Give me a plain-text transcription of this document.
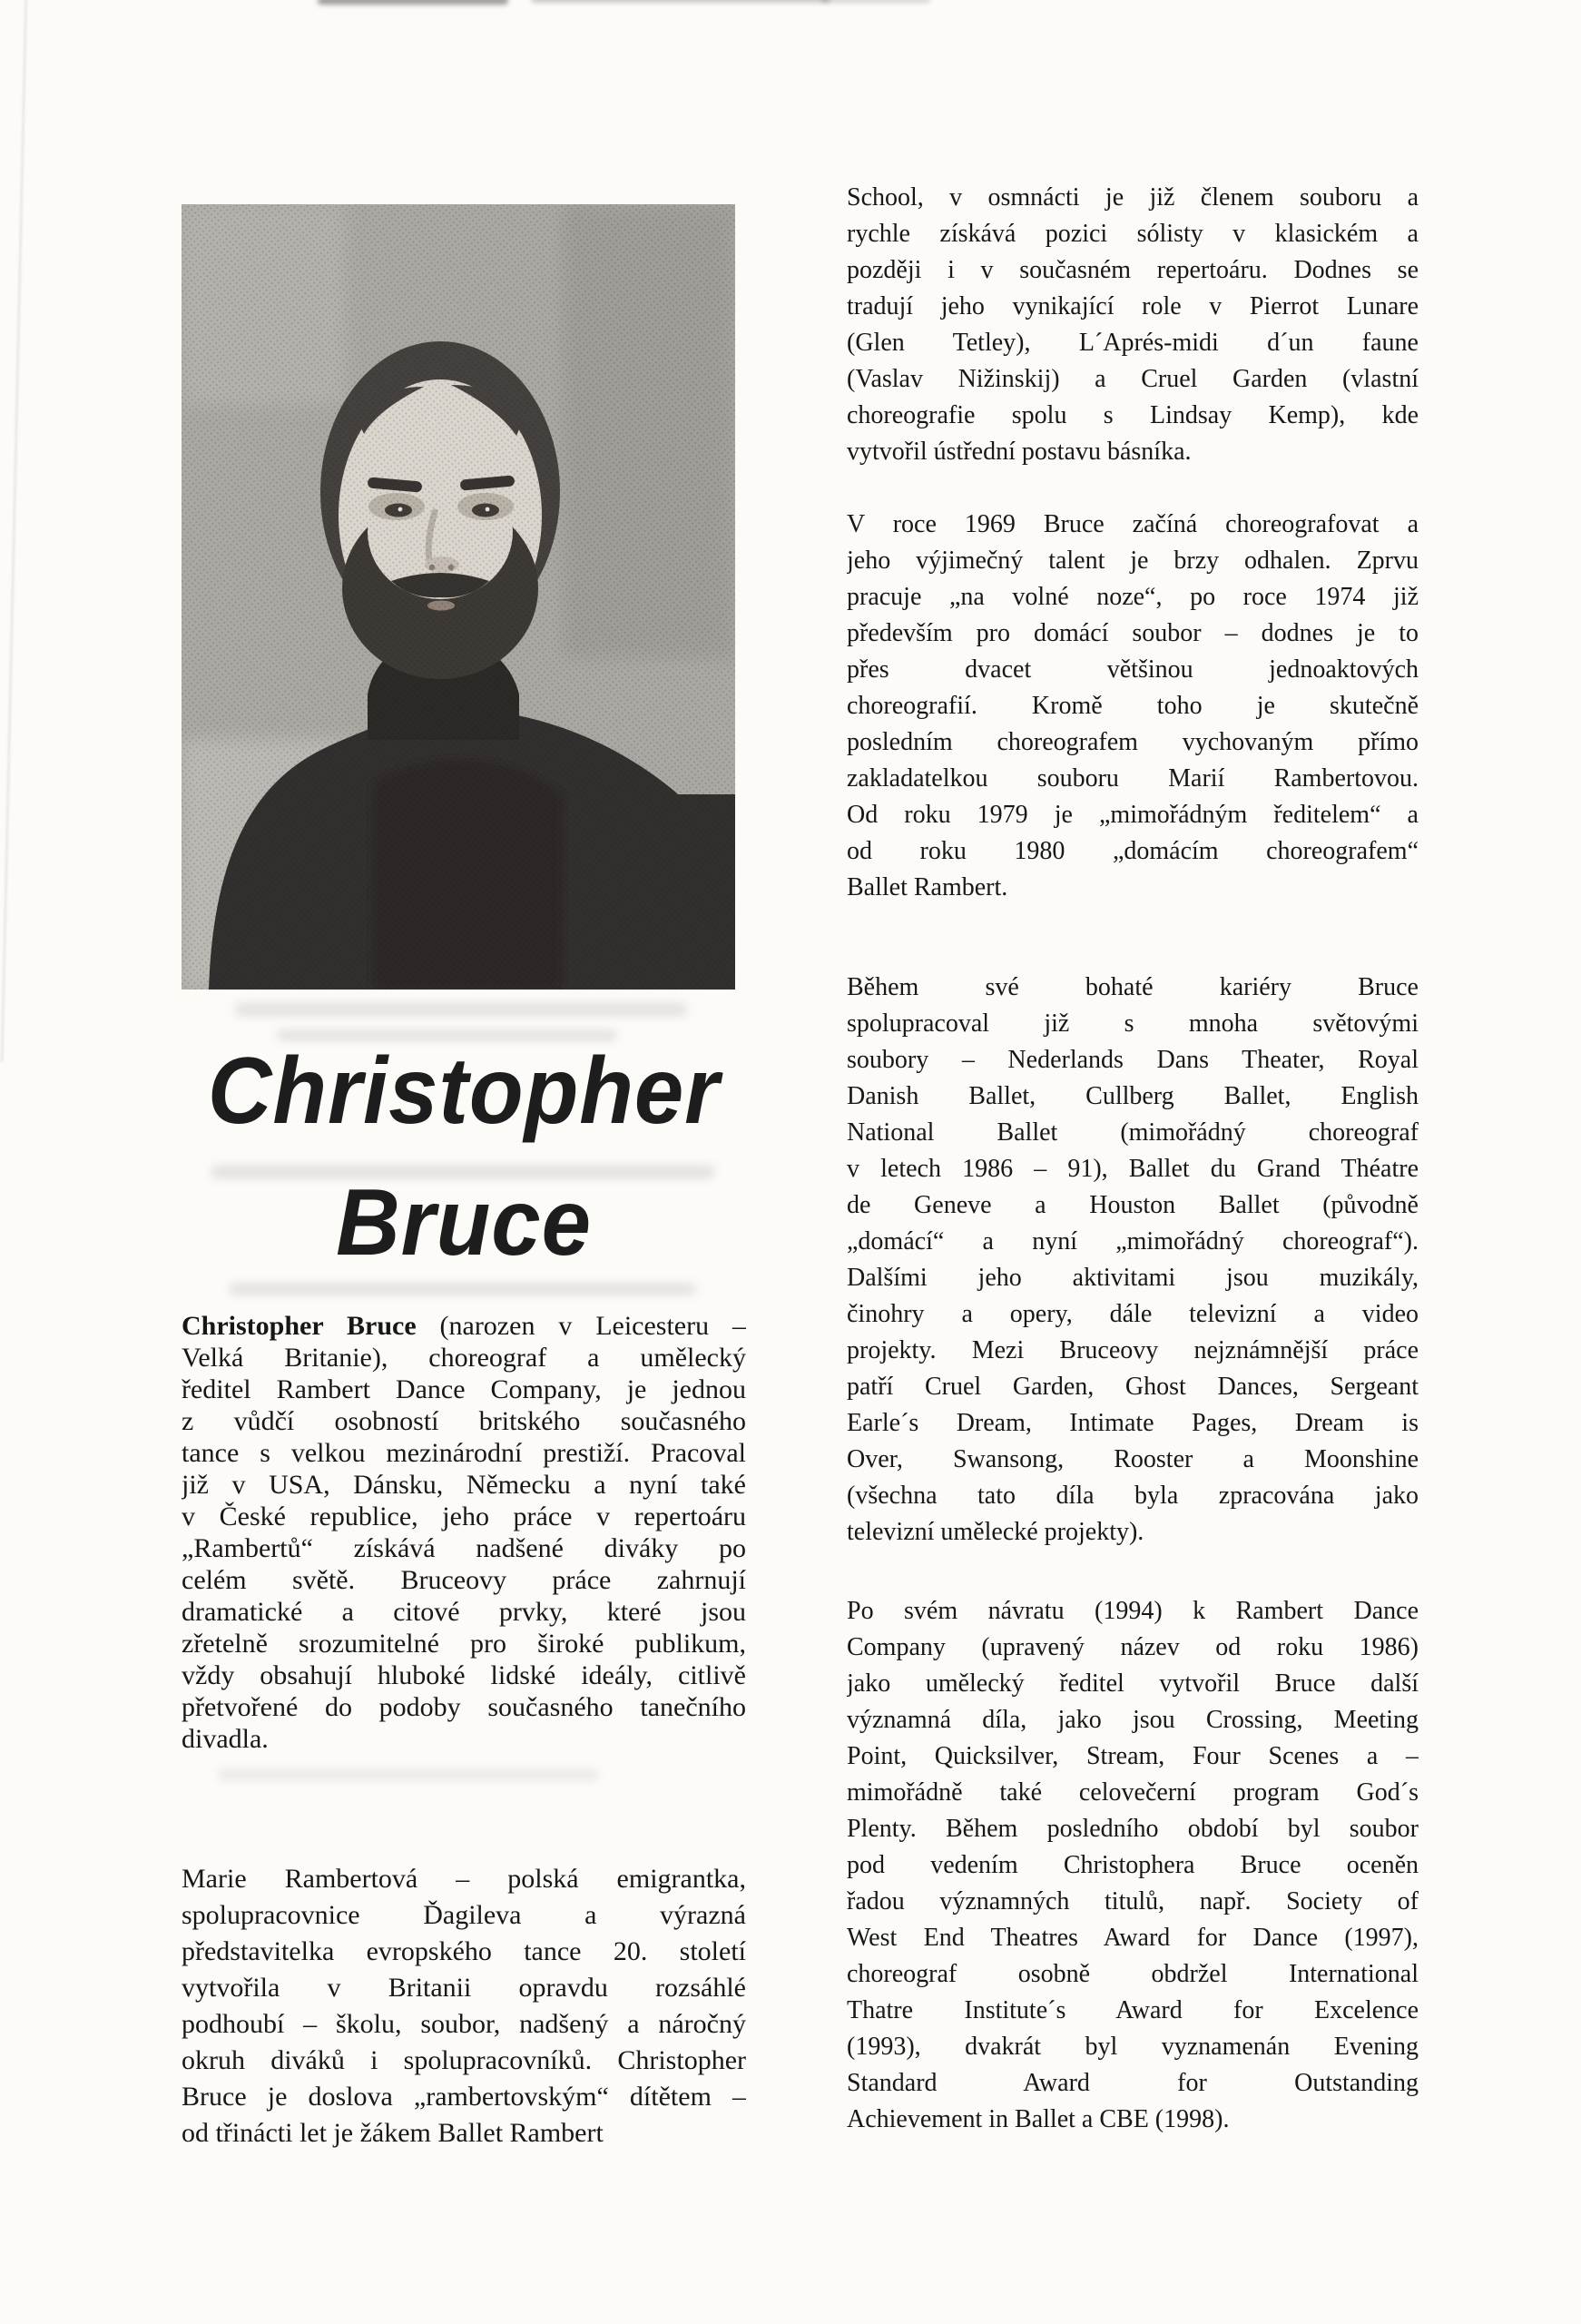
Christopher
Bruce
Christopher Bruce (narozen v Leicesteru –
Velká Britanie), choreograf a umělecký
ředitel Rambert Dance Company, je jednou
z vůdčí osobností britského současného
tance s velkou mezinárodní prestiží. Pracoval
již v USA, Dánsku, Německu a nyní také
v České republice, jeho práce v repertoáru
„Rambertů“ získává nadšené diváky po
celém světě. Bruceovy práce zahrnují
dramatické a citové prvky, které jsou
zřetelně srozumitelné pro široké publikum,
vždy obsahují hluboké lidské ideály, citlivě
přetvořené do podoby současného tanečního
divadla.
Marie Rambertová – polská emigrantka,
spolupracovnice Ďagileva a výrazná
představitelka evropského tance 20. století
vytvořila v Britanii opravdu rozsáhlé
podhoubí – školu, soubor, nadšený a náročný
okruh diváků i spolupracovníků. Christopher
Bruce je doslova „rambertovským“ dítětem –
od třinácti let je žákem Ballet Rambert
School, v osmnácti je již členem souboru a
rychle získává pozici sólisty v klasickém a
později i v současném repertoáru. Dodnes se
tradují jeho vynikající role v Pierrot Lunare
(Glen Tetley), L´Aprés-midi d´un faune
(Vaslav Nižinskij) a Cruel Garden (vlastní
choreografie spolu s Lindsay Kemp), kde
vytvořil ústřední postavu básníka.
V roce 1969 Bruce začíná choreografovat a
jeho výjimečný talent je brzy odhalen. Zprvu
pracuje „na volné noze“, po roce 1974 již
především pro domácí soubor – dodnes je to
přes dvacet většinou jednoaktových
choreografií. Kromě toho je skutečně
posledním choreografem vychovaným přímo
zakladatelkou souboru Marií Rambertovou.
Od roku 1979 je „mimořádným ředitelem“ a
od roku 1980 „domácím choreografem“
Ballet Rambert.
Během své bohaté kariéry Bruce
spolupracoval již s mnoha světovými
soubory – Nederlands Dans Theater, Royal
Danish Ballet, Cullberg Ballet, English
National Ballet (mimořádný choreograf
v letech 1986 – 91), Ballet du Grand Théatre
de Geneve a Houston Ballet (původně
„domácí“ a nyní „mimořádný choreograf“).
Dalšími jeho aktivitami jsou muzikály,
činohry a opery, dále televizní a video
projekty. Mezi Bruceovy nejznámnější práce
patří Cruel Garden, Ghost Dances, Sergeant
Earle´s Dream, Intimate Pages, Dream is
Over, Swansong, Rooster a Moonshine
(všechna tato díla byla zpracována jako
televizní umělecké projekty).
Po svém návratu (1994) k Rambert Dance
Company (upravený název od roku 1986)
jako umělecký ředitel vytvořil Bruce další
významná díla, jako jsou Crossing, Meeting
Point, Quicksilver, Stream, Four Scenes a –
mimořádně také celovečerní program God´s
Plenty. Během posledního období byl soubor
pod vedením Christophera Bruce oceněn
řadou významných titulů, např. Society of
West End Theatres Award for Dance (1997),
choreograf osobně obdržel International
Thatre Institute´s Award for Excelence
(1993), dvakrát byl vyznamenán Evening
Standard Award for Outstanding
Achievement in Ballet a CBE (1998).
